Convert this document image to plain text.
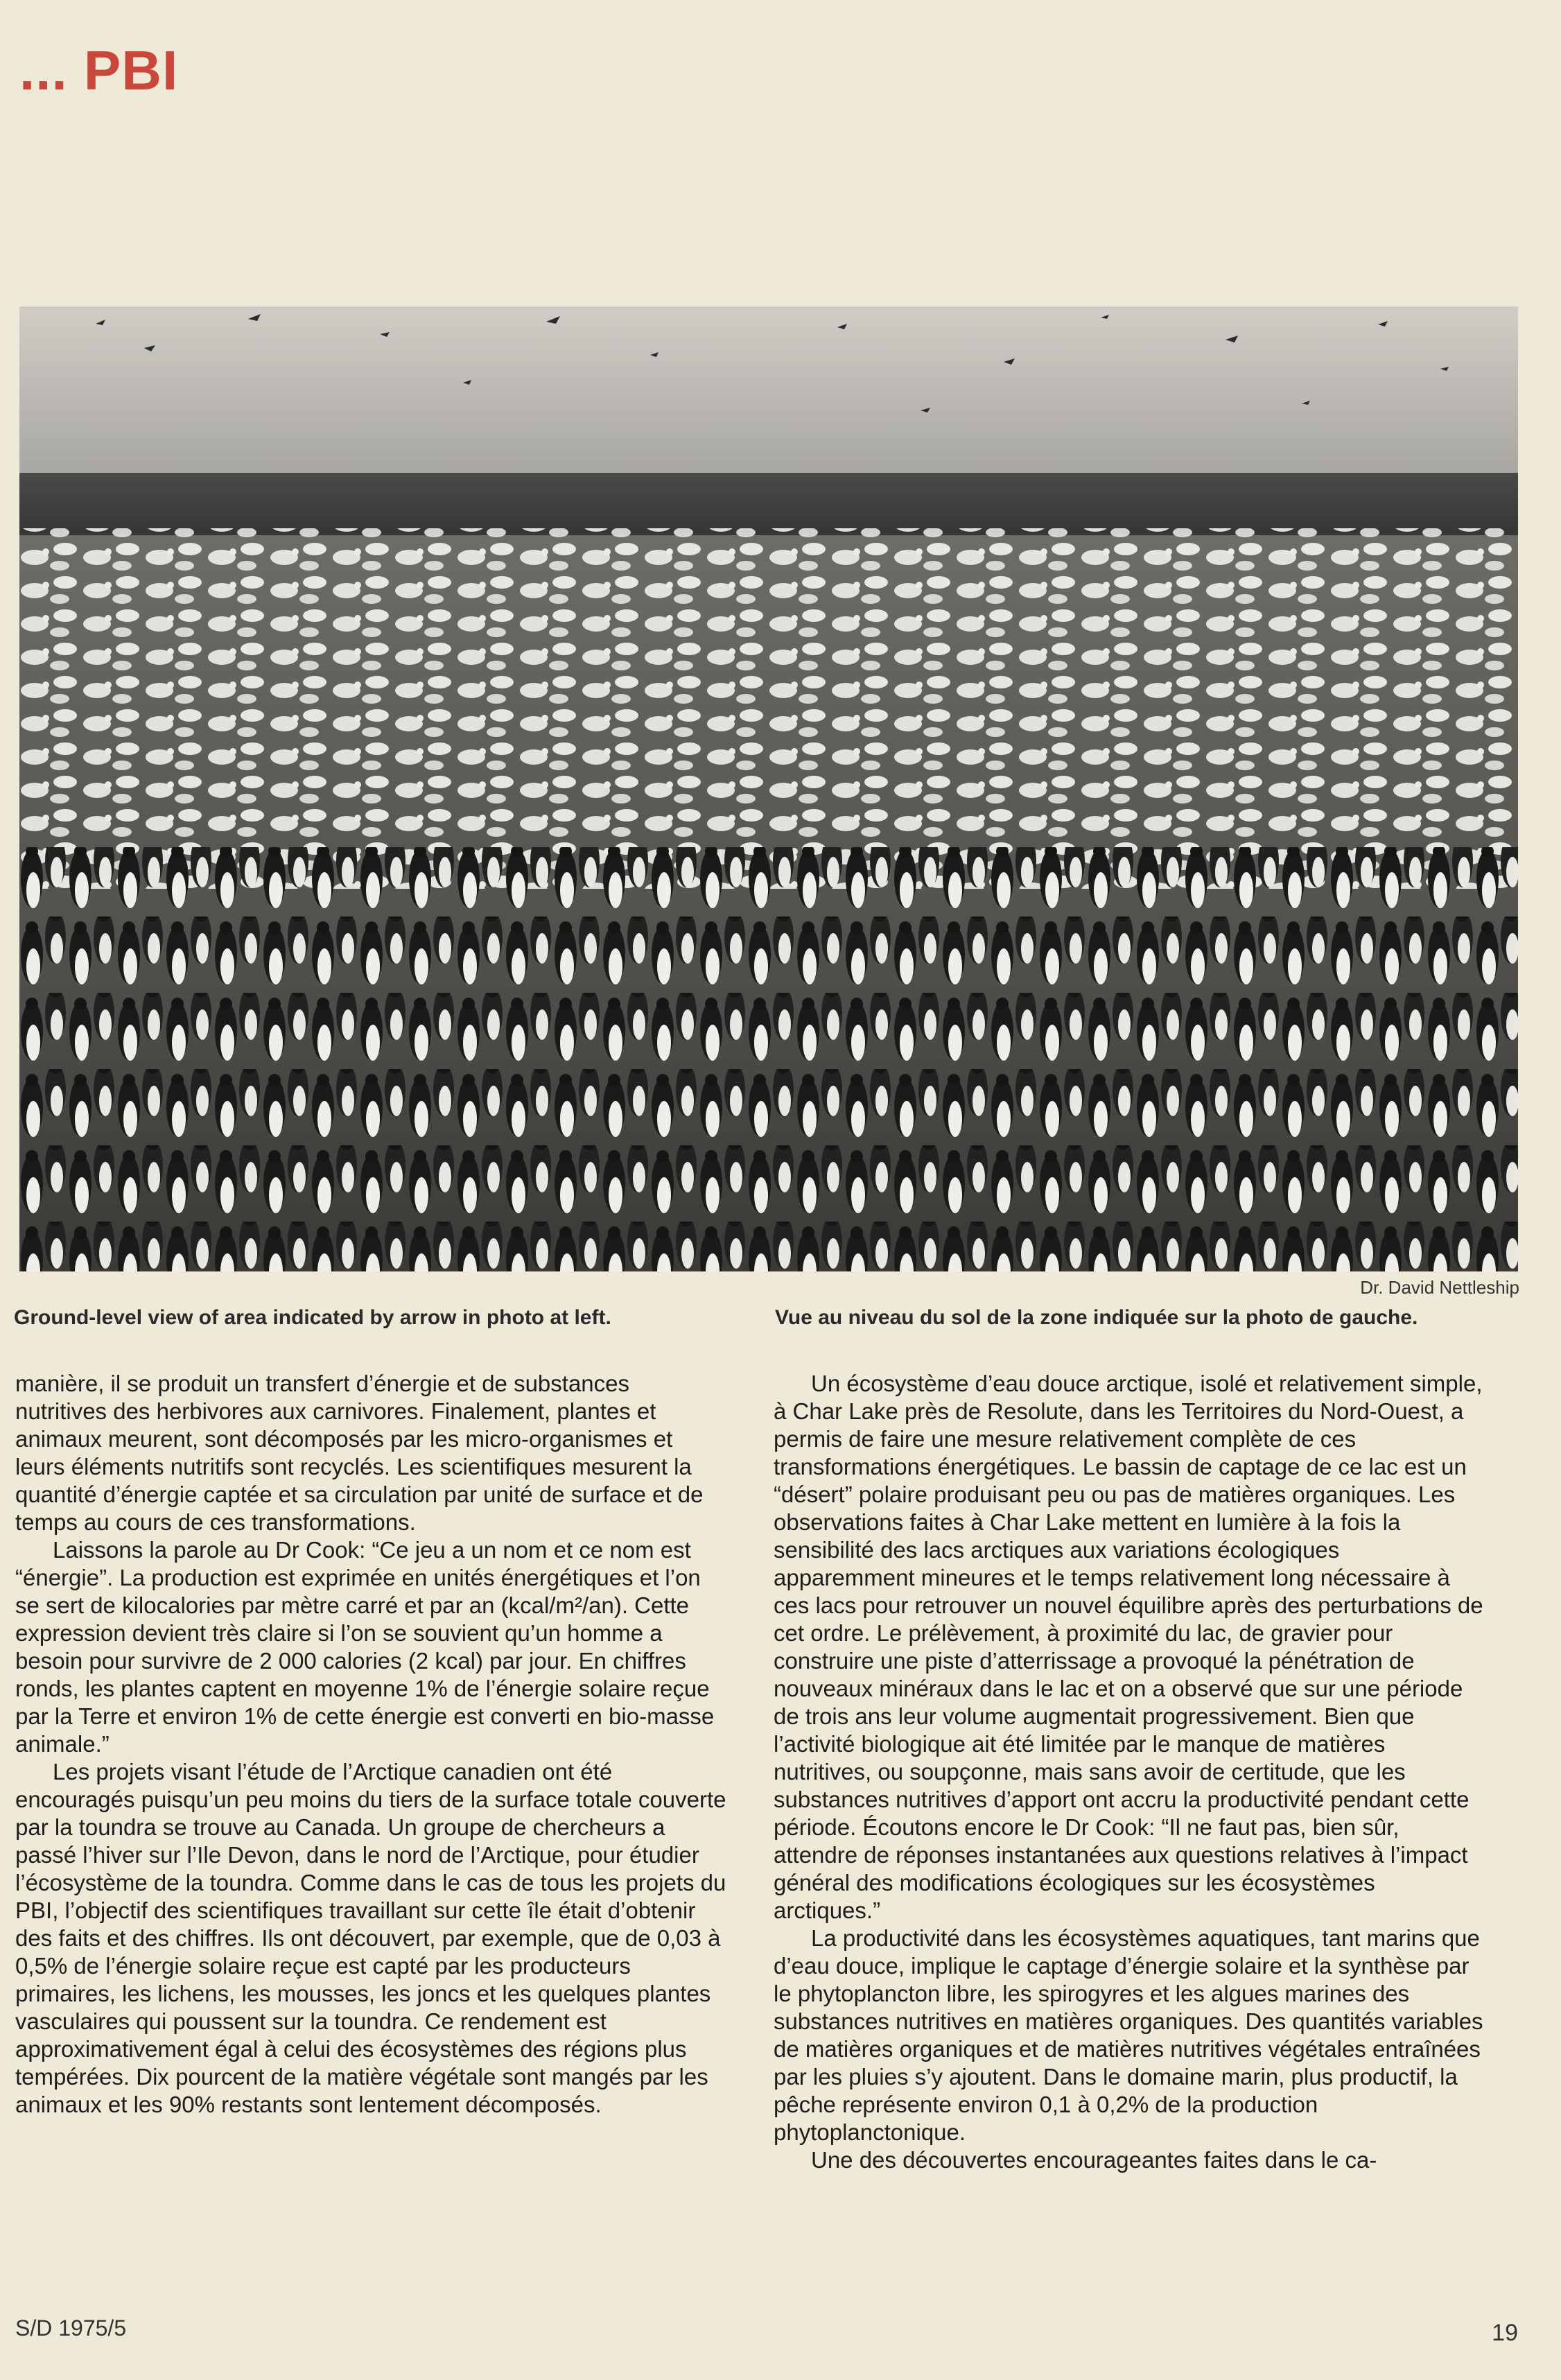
... PBI
Dr. David Nettleship
Ground-level view of area indicated by arrow in photo at left.	Vue au niveau du sol de la zone indiquée sur la photo de gauche.

manière, il se produit un transfert d’énergie et de substances nutritives des herbivores aux carnivores. Finalement, plantes et animaux meurent, sont décomposés par les micro-organismes et leurs éléments nutritifs sont recyclés. Les scientifiques mesurent la quantité d’énergie captée et sa circulation par unité de surface et de temps au cours de ces transformations.

Laissons la parole au Dr Cook: “Ce jeu a un nom et ce nom est “énergie”. La production est exprimée en unités énergétiques et l’on se sert de kilocalories par mètre carré et par an (kcal/m²/an). Cette expression devient très claire si l’on se souvient qu’un homme a besoin pour survivre de 2 000 calories (2 kcal) par jour. En chiffres ronds, les plantes captent en moyenne 1% de l’énergie solaire reçue par la Terre et environ 1% de cette énergie est converti en bio-masse animale.”

Les projets visant l’étude de l’Arctique canadien ont été encouragés puisqu’un peu moins du tiers de la surface totale couverte par la toundra se trouve au Canada. Un groupe de chercheurs a passé l’hiver sur l’Ile Devon, dans le nord de l’Arctique, pour étudier l’écosystème de la toundra. Comme dans le cas de tous les projets du PBI, l’objectif des scientifiques travaillant sur cette île était d’obtenir des faits et des chiffres. Ils ont découvert, par exemple, que de 0,03 à 0,5% de l’énergie solaire reçue est capté par les producteurs primaires, les lichens, les mousses, les joncs et les quelques plantes vasculaires qui poussent sur la toundra. Ce rendement est approximativement égal à celui des écosystèmes des régions plus tempérées. Dix pourcent de la matière végétale sont mangés par les animaux et les 90% restants sont lentement décomposés.

Un écosystème d’eau douce arctique, isolé et relativement simple, à Char Lake près de Resolute, dans les Territoires du Nord-Ouest, a permis de faire une mesure relativement complète de ces transformations énergétiques. Le bassin de captage de ce lac est un “désert” polaire produisant peu ou pas de matières organiques. Les observations faites à Char Lake mettent en lumière à la fois la sensibilité des lacs arctiques aux variations écologiques apparemment mineures et le temps relativement long nécessaire à ces lacs pour retrouver un nouvel équilibre après des perturbations de cet ordre. Le prélèvement, à proximité du lac, de gravier pour construire une piste d’atterrissage a provoqué la pénétration de nouveaux minéraux dans le lac et on a observé que sur une période de trois ans leur volume augmentait progressivement. Bien que l’activité biologique ait été limitée par le manque de matières nutritives, ou soupçonne, mais sans avoir de certitude, que les substances nutritives d’apport ont accru la productivité pendant cette période. Écoutons encore le Dr Cook: “Il ne faut pas, bien sûr, attendre de réponses instantanées aux questions relatives à l’impact général des modifications écologiques sur les écosystèmes arctiques.”

La productivité dans les écosystèmes aquatiques, tant marins que d’eau douce, implique le captage d’énergie solaire et la synthèse par le phytoplancton libre, les spirogyres et les algues marines des substances nutritives en matières organiques. Des quantités variables de matières organiques et de matières nutritives végétales entraînées par les pluies s’y ajoutent. Dans le domaine marin, plus productif, la pêche représente environ 0,1 à 0,2% de la production phytoplanctonique.

Une des découvertes encourageantes faites dans le ca-

S/D 1975/5	19
